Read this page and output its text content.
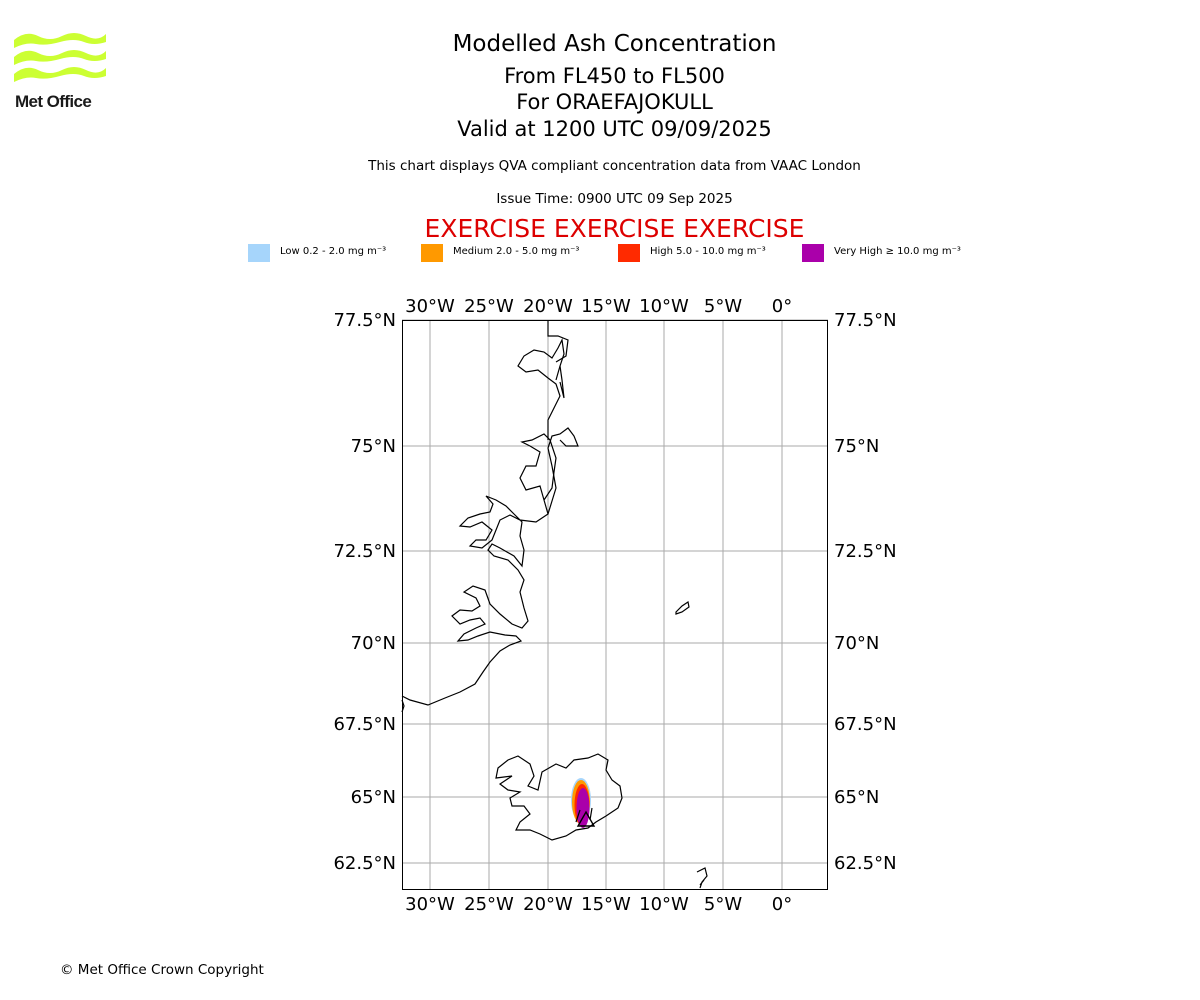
Met Office
Modelled Ash Concentration
From FL450 to FL500
For ORAEFAJOKULL
Valid at 1200 UTC 09/09/2025
This chart displays QVA compliant concentration data from VAAC London
Issue Time: 0900 UTC 09 Sep 2025
EXERCISE EXERCISE EXERCISE
Low 0.2 - 2.0 mg m⁻³	Medium 2.0 - 5.0 mg m⁻³	High 5.0 - 10.0 mg m⁻³	Very High ≥ 10.0 mg m⁻³
30°W
30°W
25°W
25°W
20°W
20°W
15°W
15°W
10°W
10°W
5°W
5°W
0°
0°
77.5°N	77.5°N
75°N	75°N
72.5°N	72.5°N
70°N	70°N
67.5°N	67.5°N
65°N	65°N
62.5°N	62.5°N
© Met Office Crown Copyright
